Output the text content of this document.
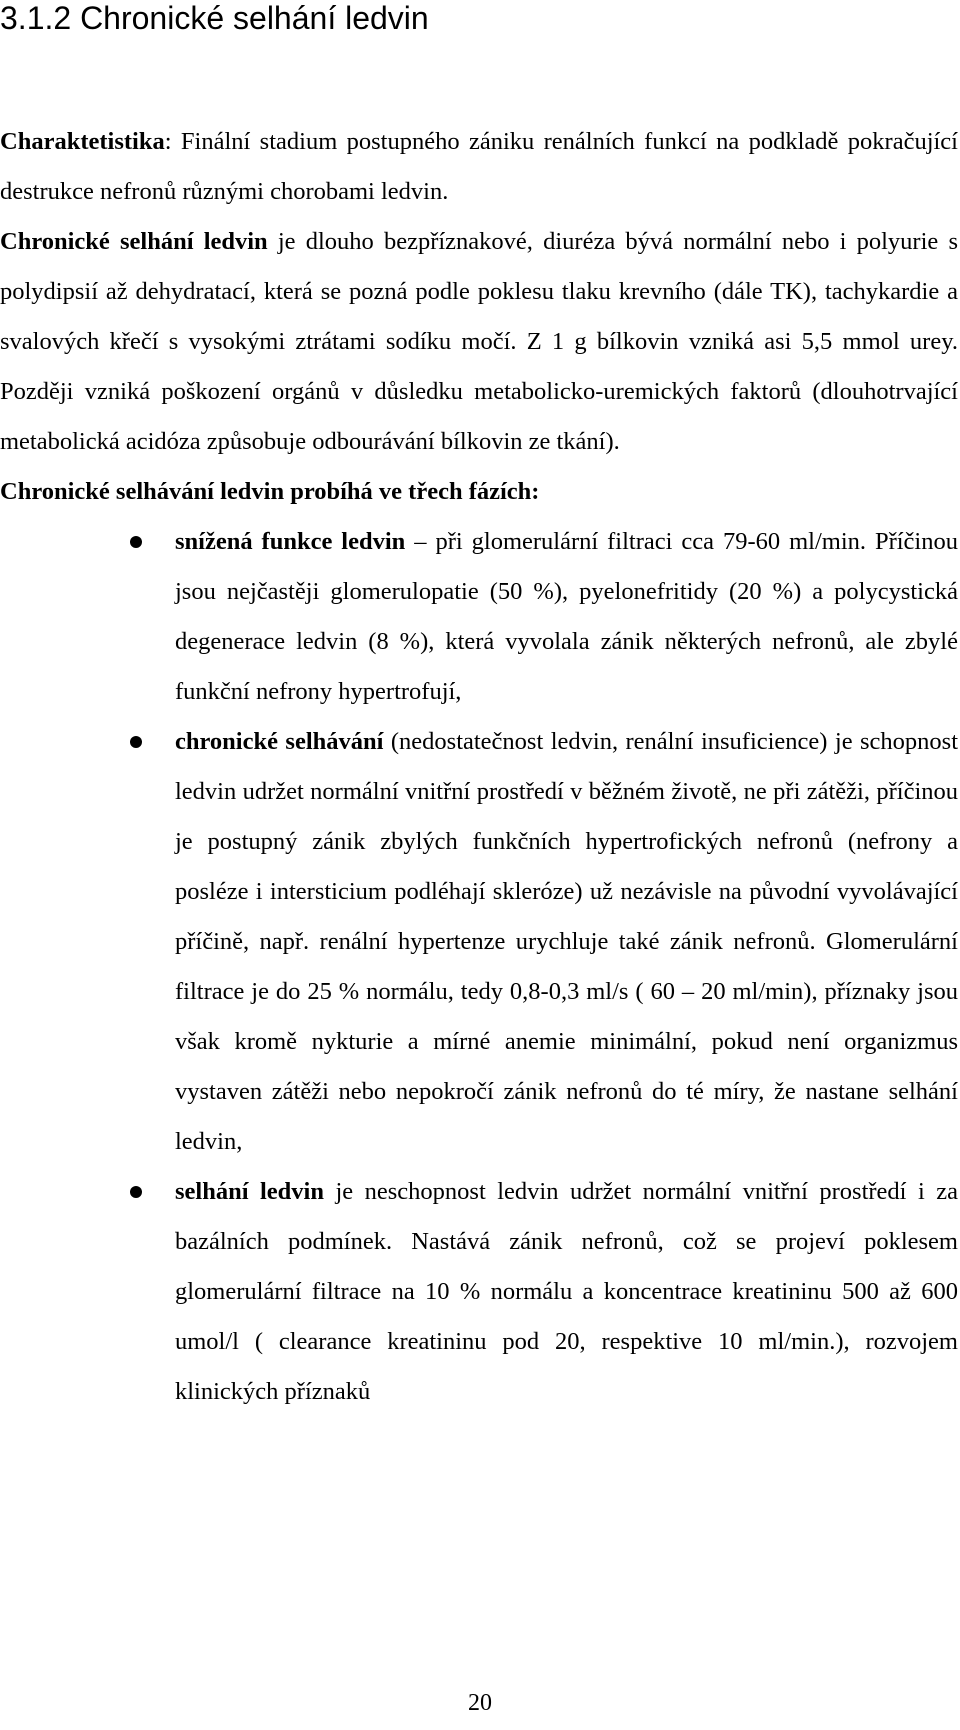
3.1.2 Chronické selhání ledvin

Charaktetistika: Finální stadium postupného zániku renálních funkcí na podkladě pokračující destrukce nefronů různými chorobami ledvin.

Chronické selhání ledvin je dlouho bezpříznakové, diuréza bývá normální nebo i polyurie s polydipsií až dehydratací, která se pozná podle poklesu tlaku krevního (dále TK), tachykardie a svalových křečí s vysokými ztrátami sodíku močí. Z 1 g bílkovin vzniká asi 5,5 mmol urey. Později vzniká poškození orgánů v důsledku metabolicko-uremických faktorů (dlouhotrvající metabolická acidóza způsobuje odbourávání bílkovin ze tkání).

Chronické selhávání ledvin probíhá ve třech fázích:

snížená funkce ledvin – při glomerulární filtraci cca 79-60 ml/min. Příčinou jsou nejčastěji glomerulopatie (50 %), pyelonefritidy (20 %) a polycystická degenerace ledvin (8 %), která vyvolala zánik některých nefronů, ale zbylé funkční nefrony hypertrofují,
chronické selhávání (nedostatečnost ledvin, renální insuficience) je schopnost ledvin udržet normální vnitřní prostředí v běžném životě, ne při zátěži, příčinou je postupný zánik zbylých funkčních hypertrofických nefronů (nefrony a posléze i intersticium podléhají skleróze) už nezávisle na původní vyvolávající příčině, např. renální hypertenze urychluje také zánik nefronů. Glomerulární filtrace je do 25 % normálu, tedy 0,8-0,3 ml/s ( 60 – 20 ml/min), příznaky jsou však kromě nykturie a mírné anemie minimální, pokud není organizmus vystaven zátěži nebo nepokročí zánik nefronů do té míry, že nastane selhání ledvin,
selhání ledvin je neschopnost ledvin udržet normální vnitřní prostředí i za bazálních podmínek. Nastává zánik nefronů, což se projeví poklesem glomerulární filtrace na 10 % normálu a koncentrace kreatininu 500 až 600 umol/l ( clearance kreatininu pod 20, respektive 10 ml/min.), rozvojem klinických příznaků
20
